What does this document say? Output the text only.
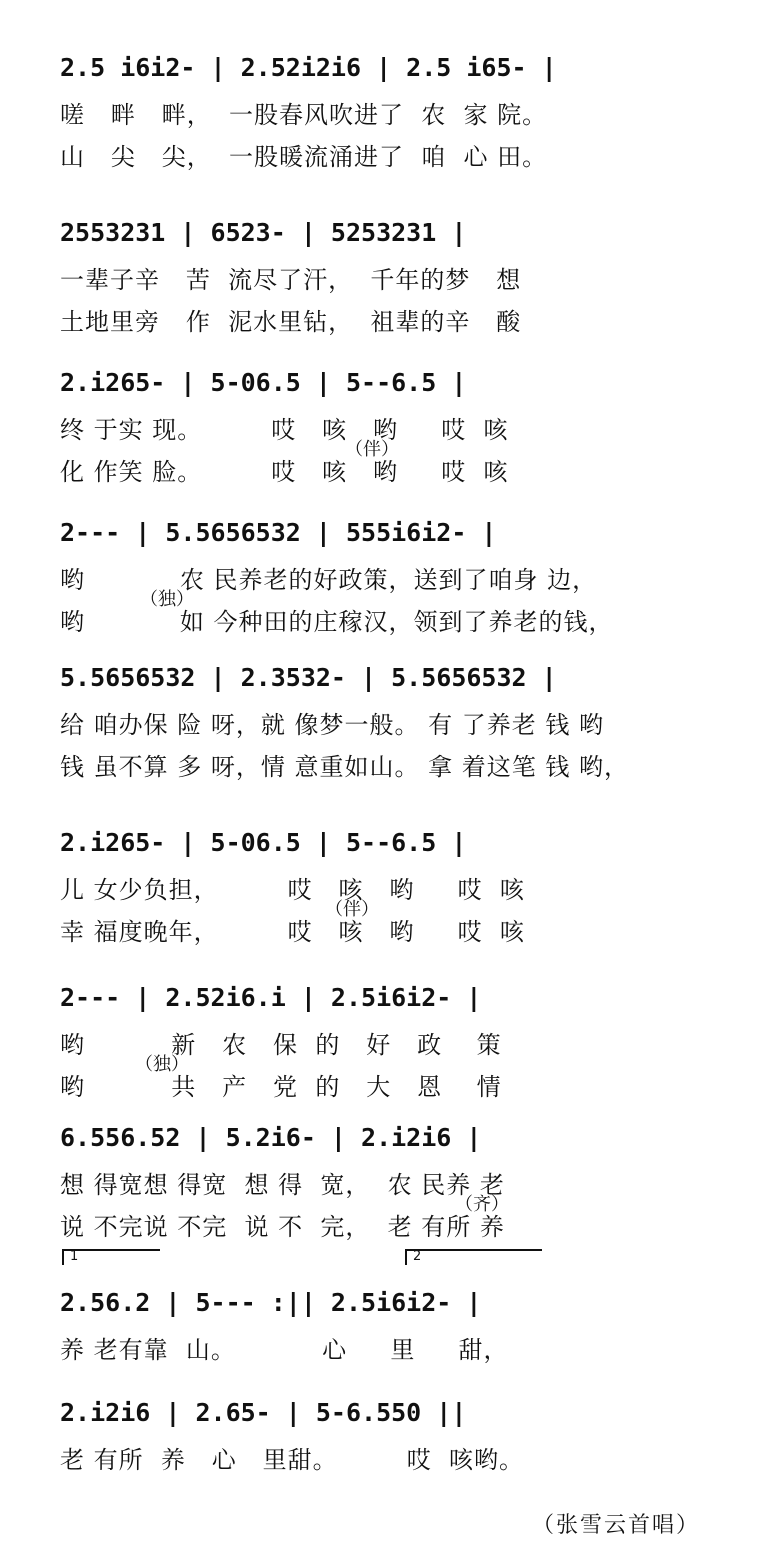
2.5 i6i2- | 2.52i2i6 | 2.5 i65- |
嗟   畔   畔，  一股春风吹进了  农  家 院。
山   尖   尖，  一股暖流涌进了  咱  心 田。
2553231 | 6523- | 5253231 |
一辈子辛   苦  流尽了汗，  千年的梦   想
土地里旁   作  泥水里钻，  祖辈的辛   酸
2.i265- | 5-06.5 | 5--6.5 |
终 于实 现。        哎   咳   哟     哎  咳
化 作笑 脸。        哎   咳   哟     哎  咳
（伴）
2--- | 5.5656532 | 555i6i2- |
哟           农 民养老的好政策，送到了咱身 边，
哟           如 今种田的庄稼汉，领到了养老的钱，
（独）
5.5656532 | 2.3532- | 5.5656532 |
给 咱办保 险 呀，就 像梦一般。 有 了养老 钱 哟
钱 虽不算 多 呀，情 意重如山。 拿 着这笔 钱 哟，
2.i265- | 5-06.5 | 5--6.5 |
儿 女少负担，        哎   咳   哟     哎  咳
幸 福度晚年，        哎   咳   哟     哎  咳
（伴）
2--- | 2.52i6.i | 2.5i6i2- |
哟          新   农   保  的   好   政    策
哟          共   产   党  的   大   恩    情
（独）
6.556.52 | 5.2i6- | 2.i2i6 |
想 得宽想 得宽  想 得  宽，  农 民养 老
说 不完说 不完  说 不  完，  老 有所 养
（齐）
1	2
2.56.2 | 5--- :|| 2.5i6i2- |
养 老有靠  山。          心     里     甜，
2.i2i6 | 2.65- | 5-6.550 ||
老 有所  养   心   里甜。        哎  咳哟。
（张雪云首唱）
